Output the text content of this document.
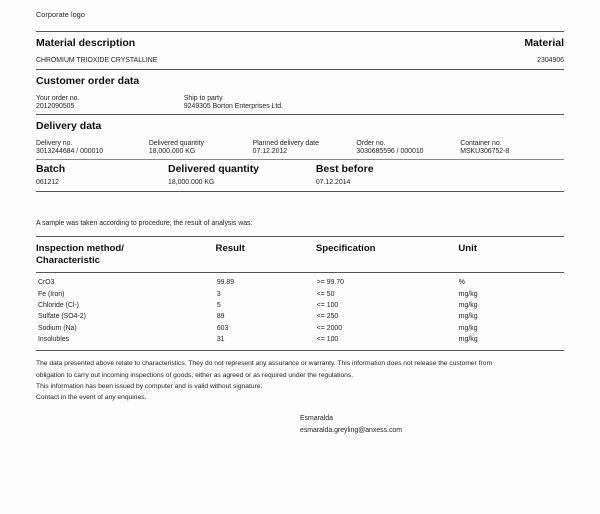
Corporate logo
Material description	Material
CHROMIUM TRIOXIDE CRYSTALLINE	2304906
Customer order data
Your order no.	Ship to party
2012090505	9249305 Borton Enterprises Ltd.
Delivery data
Delivery no.	Delivered quantity	Planned delivery date	Order no.	Container no.
3013244684 / 000010	18,000.000 KG	07.12.2012	3030685596 / 000010	MSKU306752-8
Batch	Delivered quantity	Best before
061212	18,000.000 KG	07.12.2014
A sample was taken according to procedure; the result of analysis was:
Inspection method/
Characteristic
Result	Specification	Unit
CrO3	99.89	>= 99.70	%
Fe (Iron)	3	<= 50	mg/kg
Chloride (Cl-)	5	<= 100	mg/kg
Sulfate (SO4-2)	89	<= 250	mg/kg
Sodium (Na)	603	<= 2000	mg/kg
Insolubles	31	<= 100	mg/kg

The data presented above relate to characteristics. They do not represent any assurance or warranty. This information does not release the customer from

obligation to carry out incoming inspections of goods, either as agreed or as required under the regulations.

This information has been issued by computer and is valid without signature.

Contact in the event of any enquiries.

Esmaralda
esmaralda.greyling@anxess.com
